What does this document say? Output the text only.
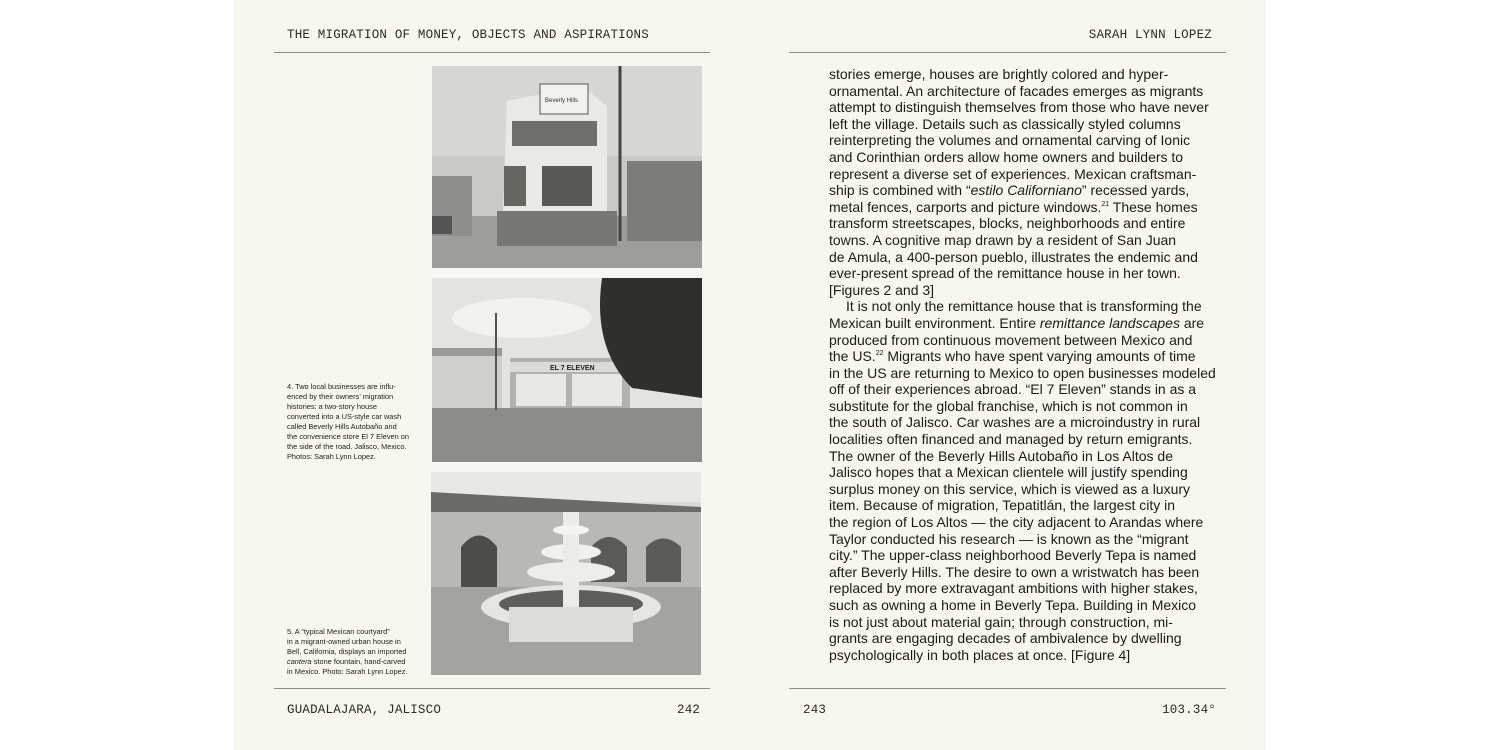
THE MIGRATION OF MONEY, OBJECTS AND ASPIRATIONS
GUADALAJARA, JALISCO	242
SARAH LYNN LOPEZ
243	103.34°
Beverly Hills
EL 7 ELEVEN
4. Two local businesses are influ-
enced by their owners’ migration
histories: a two-story house
converted into a US-style car wash
called Beverly Hills Autobaño and
the convenience store El 7 Eleven on
the side of the road. Jalisco, Mexico.
Photos: Sarah Lynn Lopez.
5. A “typical Mexican courtyard”
in a migrant-owned urban house in
Bell, California, displays an imported
cantera stone fountain, hand-carved
in Mexico. Photo: Sarah Lynn Lopez.

stories emerge, houses are brightly colored and hyper-
ornamental. An architecture of facades emerges as migrants
attempt to distinguish themselves from those who have never
left the village. Details such as classically styled columns
reinterpreting the volumes and ornamental carving of Ionic
and Corinthian orders allow home owners and builders to
represent a diverse set of experiences. Mexican craftsman-
ship is combined with “estilo Californiano” recessed yards,
metal fences, carports and picture windows.$^{21}$ These homes
transform streetscapes, blocks, neighborhoods and entire
towns. A cognitive map drawn by a resident of San Juan
de Amula, a 400-person pueblo, illustrates the endemic and
ever-present spread of the remittance house in her town.
[Figures 2 and 3]

It is not only the remittance house that is transforming the
Mexican built environment. Entire remittance landscapes are
produced from continuous movement between Mexico and
the US.$^{22}$ Migrants who have spent varying amounts of time
in the US are returning to Mexico to open businesses modeled
off of their experiences abroad. “El 7 Eleven” stands in as a
substitute for the global franchise, which is not common in
the south of Jalisco. Car washes are a microindustry in rural
localities often financed and managed by return emigrants.
The owner of the Beverly Hills Autobaño in Los Altos de
Jalisco hopes that a Mexican clientele will justify spending
surplus money on this service, which is viewed as a luxury
item. Because of migration, Tepatitlán, the largest city in
the region of Los Altos — the city adjacent to Arandas where
Taylor conducted his research — is known as the “migrant
city.” The upper-class neighborhood Beverly Tepa is named
after Beverly Hills. The desire to own a wristwatch has been
replaced by more extravagant ambitions with higher stakes,
such as owning a home in Beverly Tepa. Building in Mexico
is not just about material gain; through construction, mi-
grants are engaging decades of ambivalence by dwelling
psychologically in both places at once. [Figure 4]
